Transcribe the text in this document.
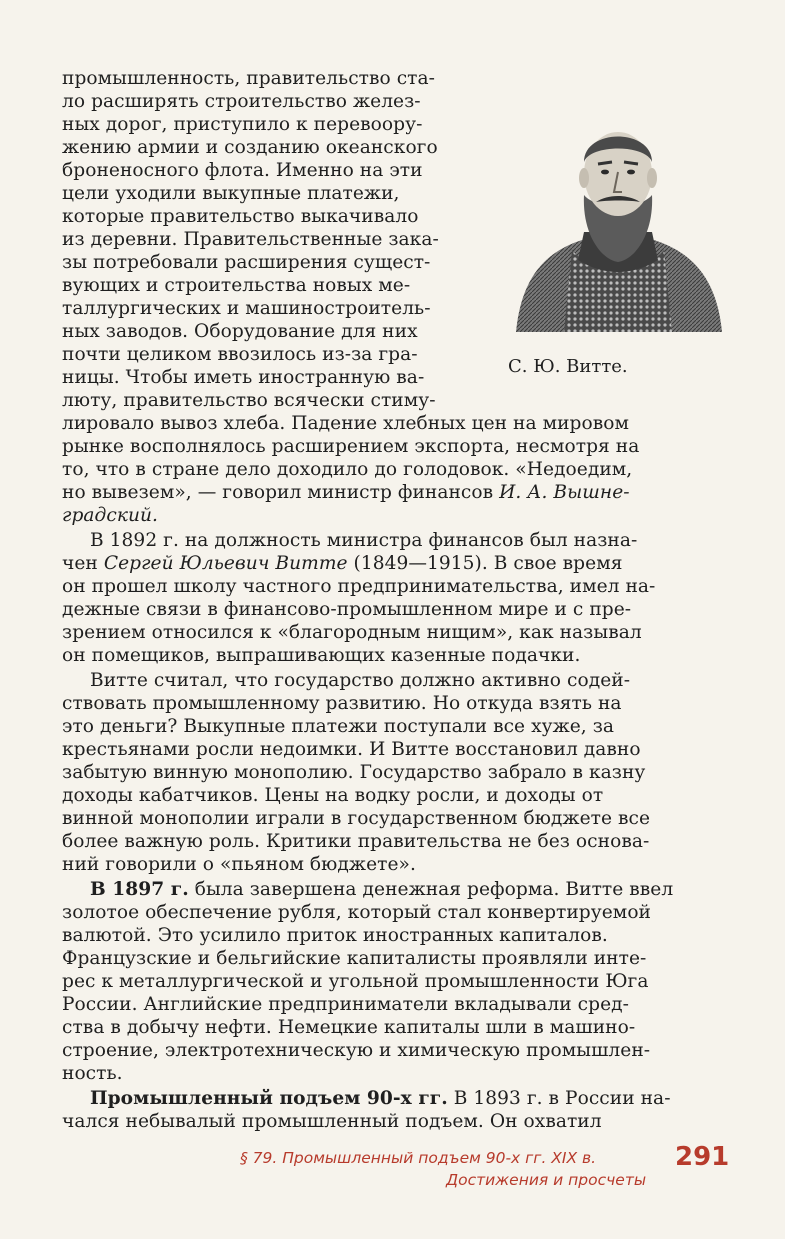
С. Ю. Витте.
промышленность, правительство ста-
ло расширять строительство желез-
ных дорог, приступило к перевоору-
жению армии и созданию океанского
броненосного флота. Именно на эти
цели уходили выкупные платежи,
которые правительство выкачивало
из деревни. Правительственные зака-
зы потребовали расширения сущест-
вующих и строительства новых ме-
таллургических и машиностроитель-
ных заводов. Оборудование для них
почти целиком ввозилось из-за гра-
ницы. Чтобы иметь иностранную ва-
люту, правительство всячески стиму-
лировало вывоз хлеба. Падение хлебных цен на мировом
рынке восполнялось расширением экспорта, несмотря на
то, что в стране дело доходило до голодовок. «Недоедим,
но вывезем», — говорил министр финансов И. А. Вышне-
градский.
В 1892 г. на должность министра финансов был назна-
чен Сергей Юльевич Витте (1849—1915). В свое время
он прошел школу частного предпринимательства, имел на-
дежные связи в финансово-промышленном мире и с пре-
зрением относился к «благородным нищим», как называл
он помещиков, выпрашивающих казенные подачки.
Витте считал, что государство должно активно содей-
ствовать промышленному развитию. Но откуда взять на
это деньги? Выкупные платежи поступали все хуже, за
крестьянами росли недоимки. И Витте восстановил давно
забытую винную монополию. Государство забрало в казну
доходы кабатчиков. Цены на водку росли, и доходы от
винной монополии играли в государственном бюджете все
более важную роль. Критики правительства не без основа-
ний говорили о «пьяном бюджете».
В 1897 г. была завершена денежная реформа. Витте ввел
золотое обеспечение рубля, который стал конвертируемой
валютой. Это усилило приток иностранных капиталов.
Французские и бельгийские капиталисты проявляли инте-
рес к металлургической и угольной промышленности Юга
России. Английские предприниматели вкладывали сред-
ства в добычу нефти. Немецкие капиталы шли в машино-
строение, электротехническую и химическую промышлен-
ность.
Промышленный подъем 90-х гг. В 1893 г. в России на-
чался небывалый промышленный подъем. Он охватил
§ 79. Промышленный подъем 90-х гг. XIX в.	291
Достижения и просчеты
